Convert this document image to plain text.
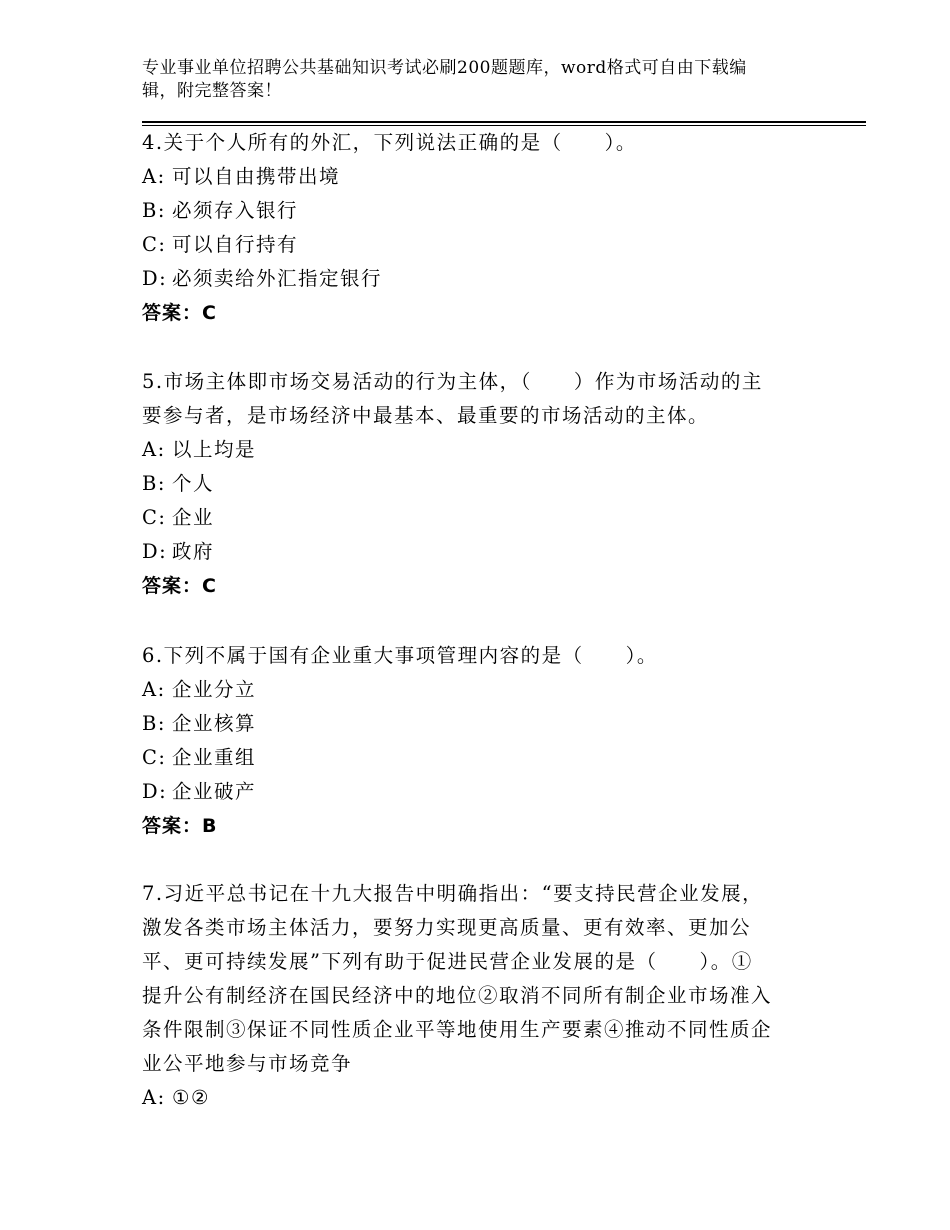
专业事业单位招聘公共基础知识考试必刷200题题库，word格式可自由下载编
辑，附完整答案！

4.关于个人所有的外汇，下列说法正确的是（　　）。

A: 可以自由携带出境

B: 必须存入银行

C: 可以自行持有

D: 必须卖给外汇指定银行

答案：C

5.市场主体即市场交易活动的行为主体，（　　）作为市场活动的主

要参与者，是市场经济中最基本、最重要的市场活动的主体。

A: 以上均是

B: 个人

C: 企业

D: 政府

答案：C

6.下列不属于国有企业重大事项管理内容的是（　　）。

A: 企业分立

B: 企业核算

C: 企业重组

D: 企业破产

答案：B

7.习近平总书记在十九大报告中明确指出：“要支持民营企业发展，

激发各类市场主体活力，要努力实现更高质量、更有效率、更加公

平、更可持续发展”下列有助于促进民营企业发展的是（　　）。①

提升公有制经济在国民经济中的地位②取消不同所有制企业市场准入

条件限制③保证不同性质企业平等地使用生产要素④推动不同性质企

业公平地参与市场竞争

A: ①②
